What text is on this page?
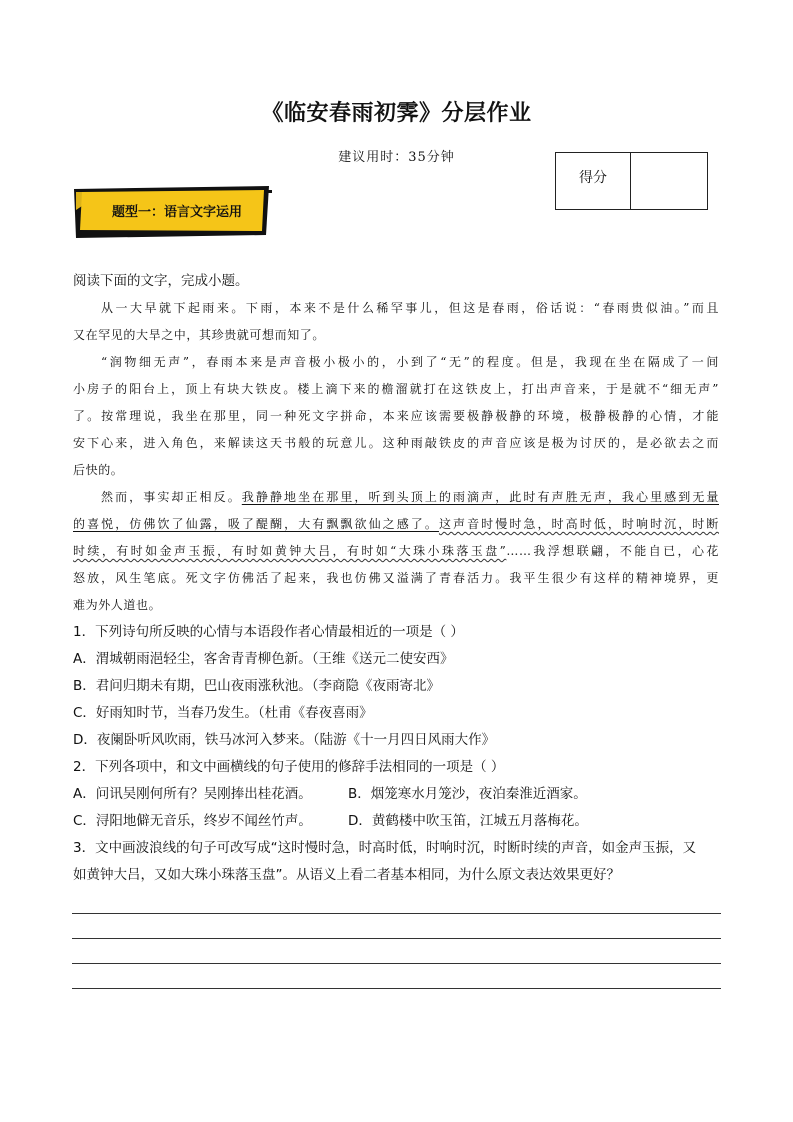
《临安春雨初霁》分层作业
建议用时：35分钟
得分
题型一：语言文字运用
阅读下面的文字，完成小题。
从一大早就下起雨来。下雨，本来不是什么稀罕事儿，但这是春雨，俗话说：“春雨贵似油。”而且
又在罕见的大旱之中，其珍贵就可想而知了。
“润物细无声”，春雨本来是声音极小极小的，小到了“无”的程度。但是，我现在坐在隔成了一间
小房子的阳台上，顶上有块大铁皮。楼上滴下来的檐溜就打在这铁皮上，打出声音来，于是就不“细无声”
了。按常理说，我坐在那里，同一种死文字拼命，本来应该需要极静极静的环境，极静极静的心情，才能
安下心来，进入角色，来解读这天书般的玩意儿。这种雨敲铁皮的声音应该是极为讨厌的，是必欲去之而
后快的。
然而，事实却正相反。我静静地坐在那里，听到头顶上的雨滴声，此时有声胜无声，我心里感到无量
的喜悦，仿佛饮了仙露，吸了醍醐，大有飘飘欲仙之感了。这声音时慢时急，时高时低，时响时沉，时断
时续，有时如金声玉振，有时如黄钟大吕，有时如“大珠小珠落玉盘”……我浮想联翩，不能自已，心花
怒放，风生笔底。死文字仿佛活了起来，我也仿佛又溢满了青春活力。我平生很少有这样的精神境界，更
难为外人道也。
1．下列诗句所反映的心情与本语段作者心情最相近的一项是（ ）
A．渭城朝雨浥轻尘，客舍青青柳色新。（王维《送元二使安西》
B．君问归期未有期，巴山夜雨涨秋池。（李商隐《夜雨寄北》
C．好雨知时节，当春乃发生。（杜甫《春夜喜雨》
D．夜阑卧听风吹雨，铁马冰河入梦来。（陆游《十一月四日风雨大作》
2．下列各项中，和文中画横线的句子使用的修辞手法相同的一项是（ ）
A．问讯吴刚何所有？吴刚捧出桂花酒。	B．烟笼寒水月笼沙，夜泊秦淮近酒家。
C．浔阳地僻无音乐，终岁不闻丝竹声。	D．黄鹤楼中吹玉笛，江城五月落梅花。
3．文中画波浪线的句子可改写成“这时慢时急，时高时低，时响时沉，时断时续的声音，如金声玉振，又
如黄钟大吕，又如大珠小珠落玉盘”。从语义上看二者基本相同，为什么原文表达效果更好？
